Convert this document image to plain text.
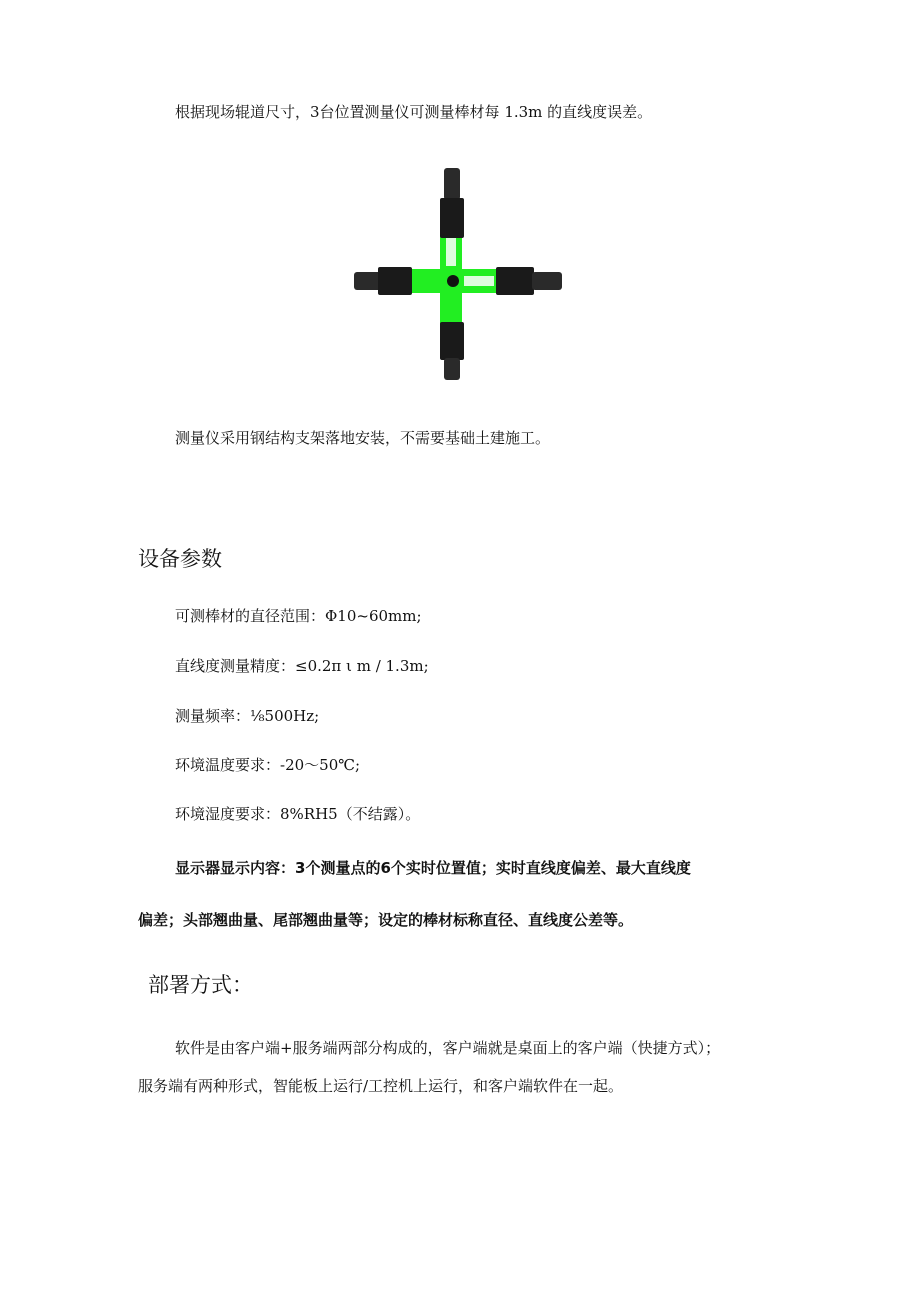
根据现场辊道尺寸，3台位置测量仪可测量棒材每 1.3m 的直线度误差。
测量仪采用钢结构支架落地安装，不需要基础土建施工。
设备参数
可测棒材的直径范围：Φ10~60mm;
直线度测量精度：≤0.2π ι m / 1.3m;
测量频率：⅛500Hz;
环境温度要求：-20～50℃;
环境湿度要求：8%RH5（不结露）。
显示器显示内容：3个测量点的6个实时位置值；实时直线度偏差、最大直线度
偏差；头部翘曲量、尾部翘曲量等；设定的棒材标称直径、直线度公差等。
部署方式：
软件是由客户端+服务端两部分构成的，客户端就是桌面上的客户端（快捷方式）；
服务端有两种形式，智能板上运行/工控机上运行，和客户端软件在一起。
